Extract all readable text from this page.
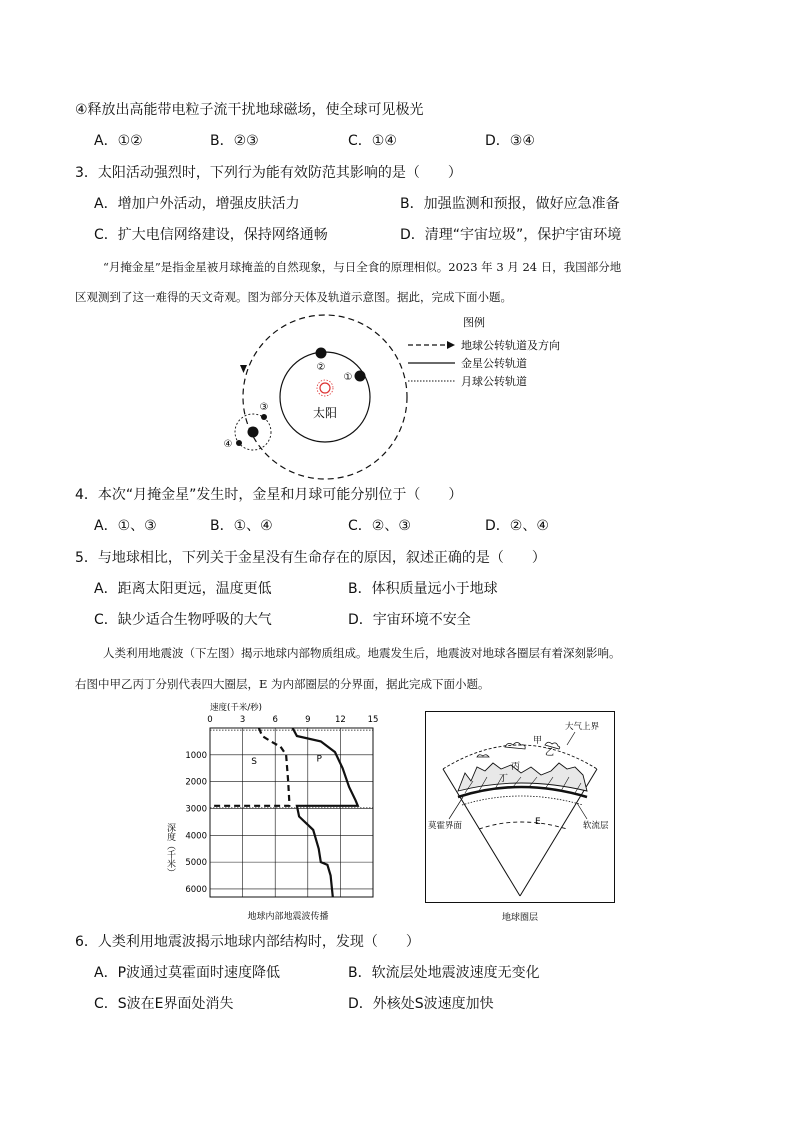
④释放出高能带电粒子流干扰地球磁场，使全球可见极光
A．①②	B．②③	C．①④	D．③④
3．太阳活动强烈时，下列行为能有效防范其影响的是（　　）
A．增加户外活动，增强皮肤活力	B．加强监测和预报，做好应急准备
C．扩大电信网络建设，保持网络通畅	D．清理“宇宙垃圾”，保护宇宙环境
“月掩金星”是指金星被月球掩盖的自然现象，与日全食的原理相似。2023 年 3 月 24 日，我国部分地
区观测到了这一难得的天文奇观。图为部分天体及轨道示意图。据此，完成下面小题。
太阳
②
①
③
④
图例
地球公转轨道及方向
金星公转轨道
月球公转轨道
4．本次“月掩金星”发生时，金星和月球可能分别位于（　　）
A．①、③	B．①、④	C．②、③	D．②、④
5．与地球相比，下列关于金星没有生命存在的原因，叙述正确的是（　　）
A．距离太阳更远，温度更低	B．体积质量远小于地球
C．缺少适合生物呼吸的大气	D．宇宙环境不安全
人类利用地震波（下左图）揭示地球内部物质组成。地震发生后，地震波对地球各圈层有着深刻影响。
右图中甲乙丙丁分别代表四大圈层，E 为内部圈层的分界面，据此完成下面小题。
0	3	6	9	12	15
1000
2000
3000
4000
5000
6000
S	P
速度(千米/秒)
地球内部地震波传播
深度（千米）
甲
乙
丙
丁
大气上界
莫霍界面	软流层
E
地球圈层
6．人类利用地震波揭示地球内部结构时，发现（　　）
A．P波通过莫霍面时速度降低	B．软流层处地震波速度无变化
C．S波在E界面处消失	D．外核处S波速度加快
